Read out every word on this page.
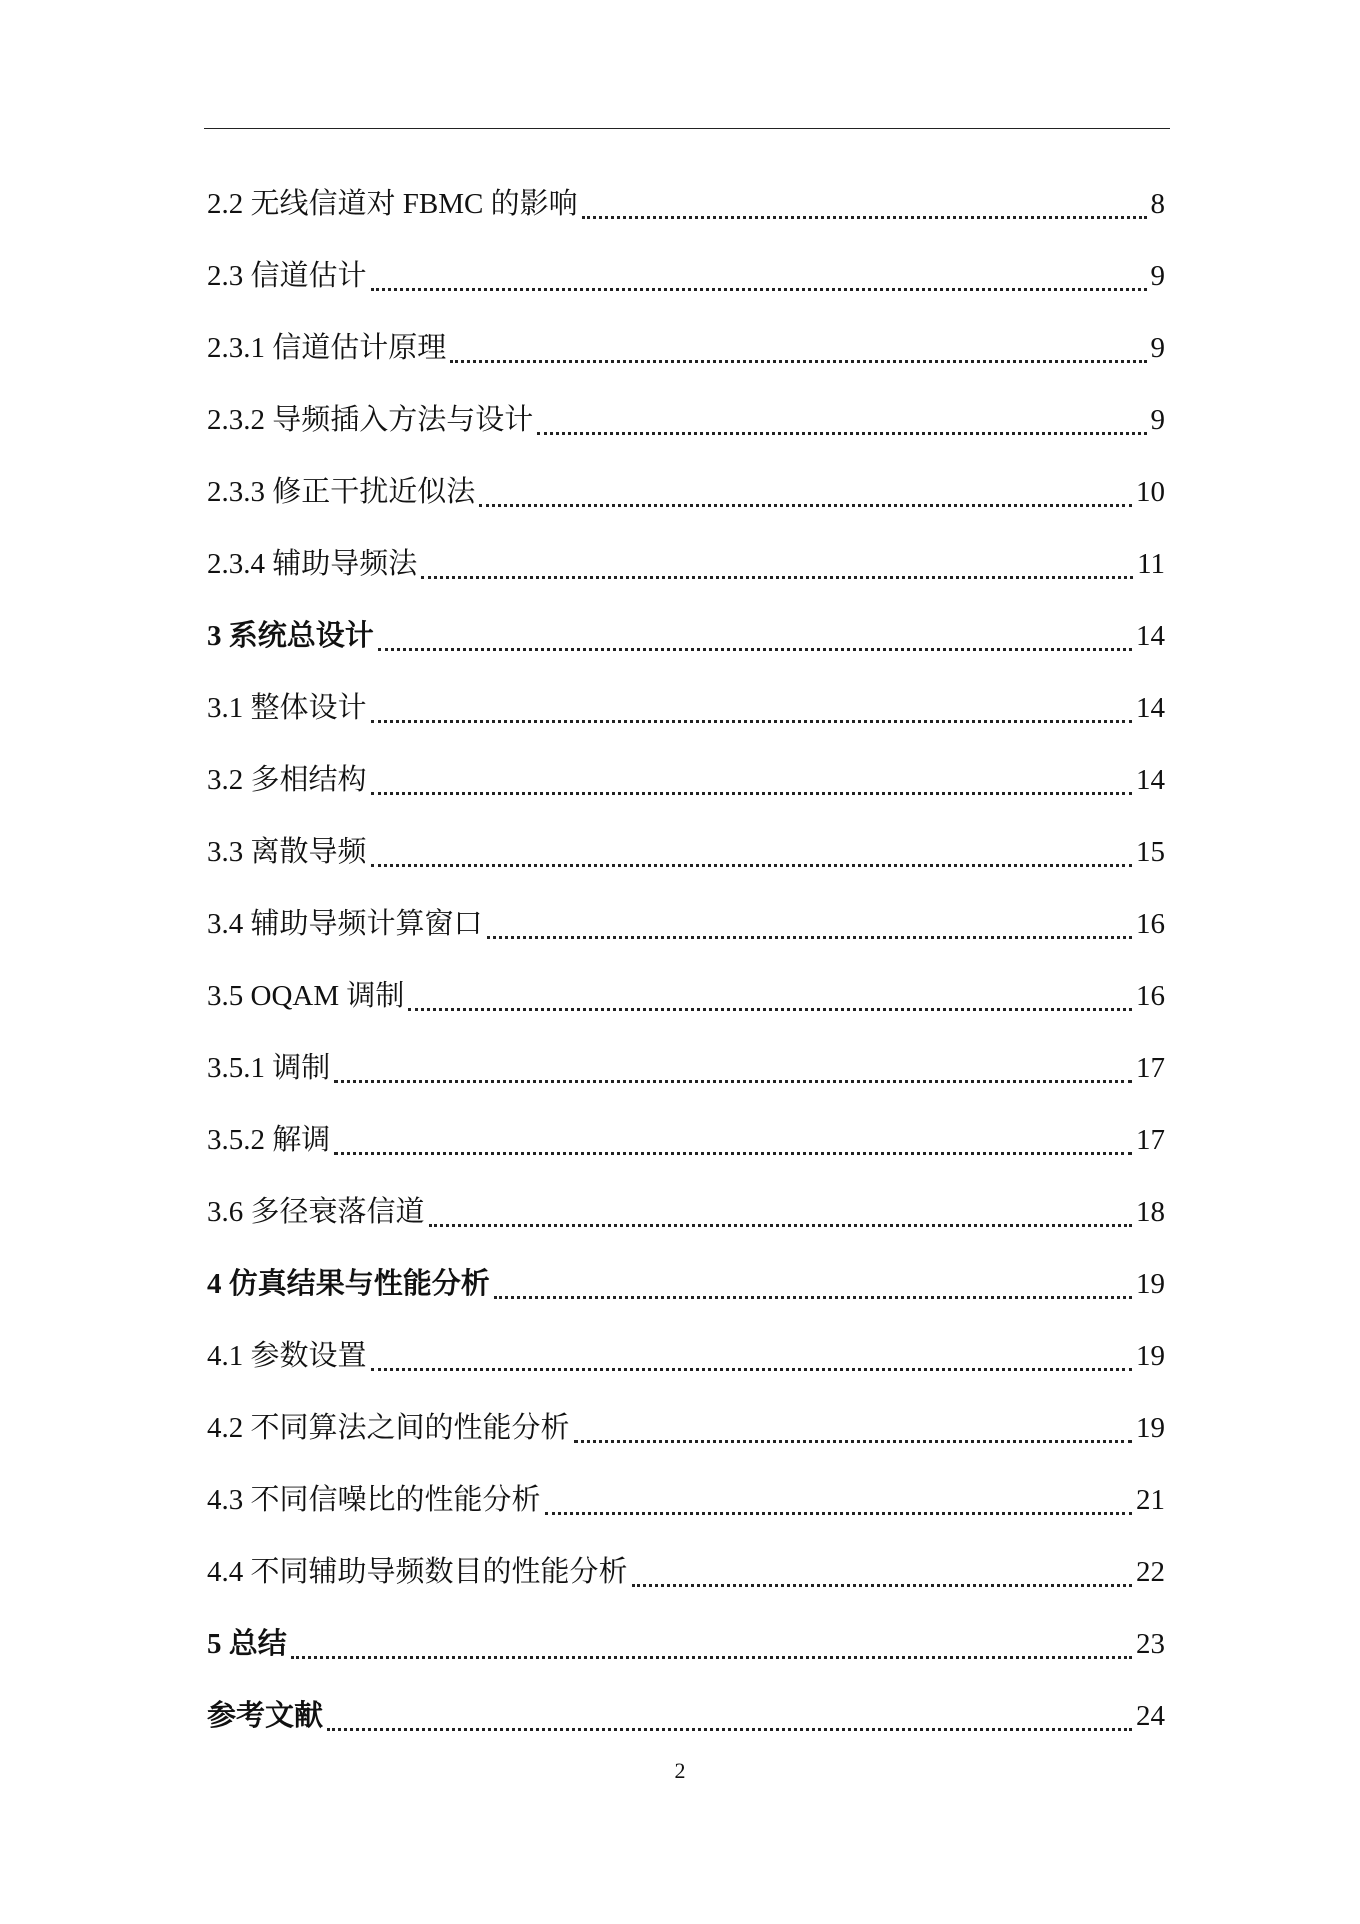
2.2 无线信道对 FBMC 的影响	8
2.3 信道估计	9
2.3.1 信道估计原理	9
2.3.2 导频插入方法与设计	9
2.3.3 修正干扰近似法	10
2.3.4 辅助导频法	11
3 系统总设计	14
3.1 整体设计	14
3.2 多相结构	14
3.3 离散导频	15
3.4 辅助导频计算窗口	16
3.5 OQAM 调制	16
3.5.1 调制	17
3.5.2 解调	17
3.6 多径衰落信道	18
4 仿真结果与性能分析	19
4.1 参数设置	19
4.2 不同算法之间的性能分析	19
4.3 不同信噪比的性能分析	21
4.4 不同辅助导频数目的性能分析	22
5 总结	23
参考文献	24
2
